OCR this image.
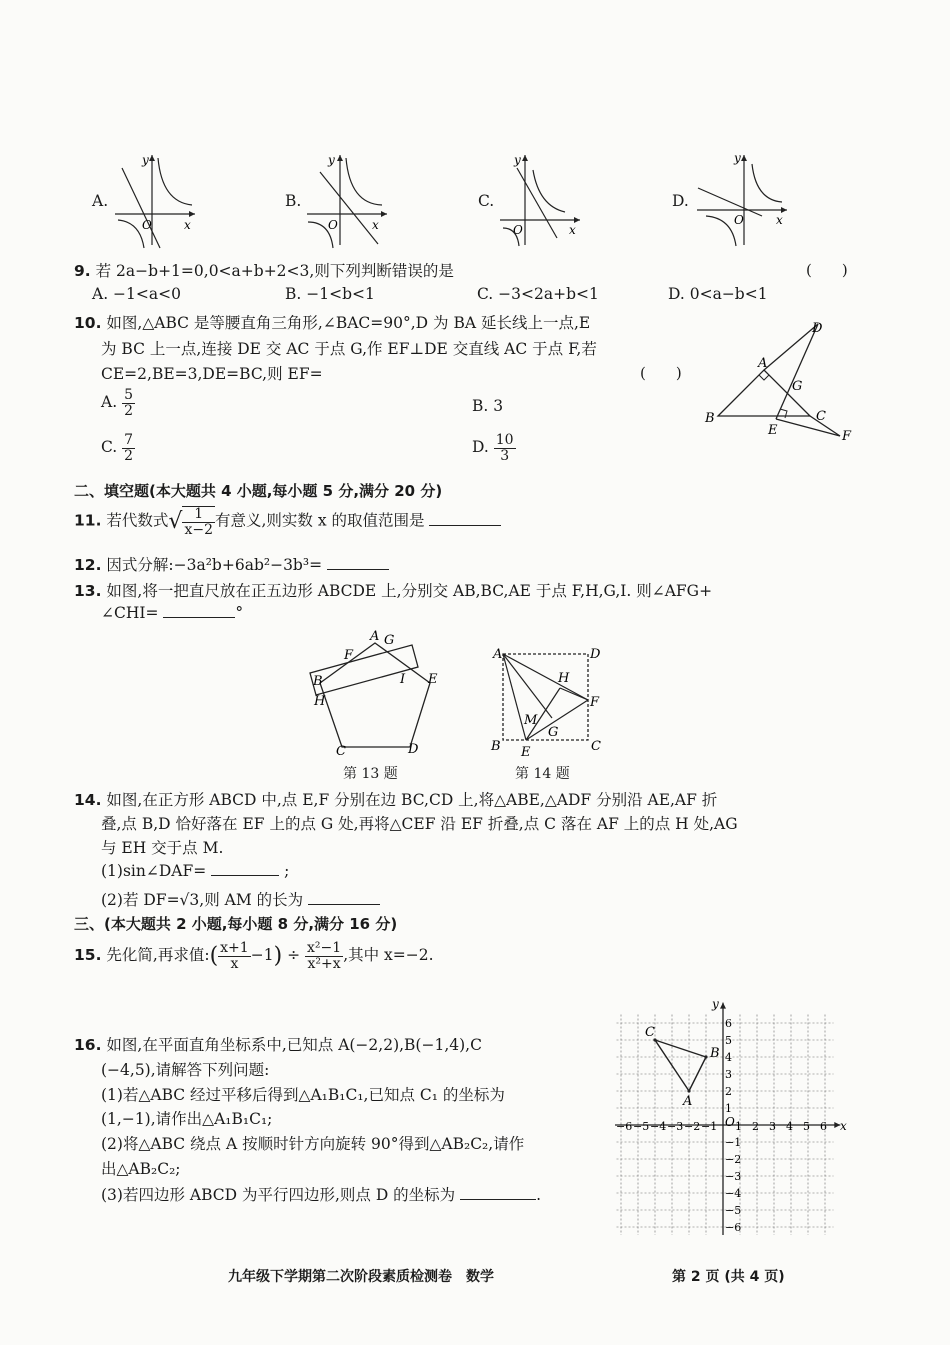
A.
y
x
O
B.
y
x
O
C.
y
x
O
D.
y
x
O
9. 若 2a−b+1=0,0<a+b+2<3,则下列判断错误的是	(　　)
A. −1<a<0	B. −1<b<1	C. −3<2a+b<1	D. 0<a−b<1
10. 如图,△ABC 是等腰直角三角形,∠BAC=90°,D 为 BA 延长线上一点,E
为 BC 上一点,连接 DE 交 AC 于点 G,作 EF⊥DE 交直线 AC 于点 F,若
CE=2,BE=3,DE=BC,则 EF=	(　　)
A. $\frac{5}{2}$	B. 3
C. $\frac{7}{2}$	D. $\frac{10}{3}$
A
B	C
D
E	F
G
二、填空题(本大题共 4 小题,每小题 5 分,满分 20 分)
11. 若代数式√ $\frac{1}{x-2}$ 有意义,则实数 x 的取值范围是
12. 因式分解:−3a²b+6ab²−3b³=
13. 如图,将一把直尺放在正五边形 ABCDE 上,分别交 AB,BC,AE 于点 F,H,G,I. 则∠AFG+
∠CHI=	°
A G
F
B
H
I E
C	D
第 13 题
A	D
B	C
E
F
G
H
M
第 14 题
14. 如图,在正方形 ABCD 中,点 E,F 分别在边 BC,CD 上,将△ABE,△ADF 分别沿 AE,AF 折
叠,点 B,D 恰好落在 EF 上的点 G 处,再将△CEF 沿 EF 折叠,点 C 落在 AF 上的点 H 处,AG
与 EH 交于点 M.
(1)sin∠DAF=	;
(2)若 DF=√3,则 AM 的长为
三、(本大题共 2 小题,每小题 8 分,满分 16 分)
15. 先化简,再求值:( $\frac{x+1}{x} -1) \div \frac{\text{x²−1}}{\text{x²+x}}$ ,其中 x=−2.
16. 如图,在平面直角坐标系中,已知点 A(−2,2),B(−1,4),C
(−4,5),请解答下列问题:
(1)若△ABC 经过平移后得到△A₁B₁C₁,已知点 C₁ 的坐标为
(1,−1),请作出△A₁B₁C₁;
(2)将△ABC 绕点 A 按顺时针方向旋转 90°得到△AB₂C₂,请作
出△AB₂C₂;
(3)若四边形 ABCD 为平行四边形,则点 D 的坐标为	.
x
y
O
−6 −5 −4 −3 −2 −1 1 2 3 4 5 6
6
5
4
3
2
1
−1
−2
−3
−4
−5
−6
A
B
C
九年级下学期第二次阶段素质检测卷　数学	第 2 页 (共 4 页)
